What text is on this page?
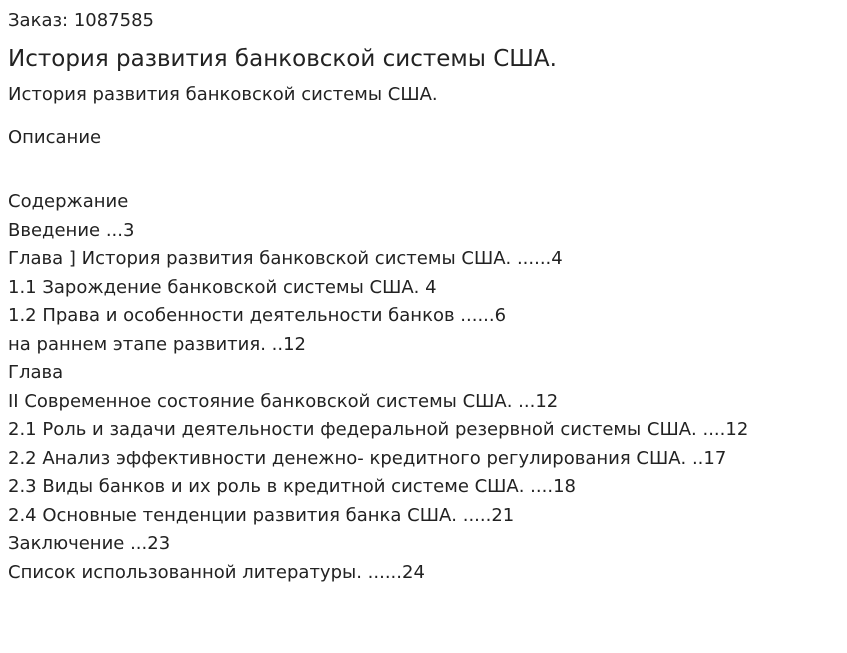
Заказ: 1087585

История развития банковской системы США.

История развития банковской системы США.

Описание
Содержание
Введение ...3
Глава ] История развития банковской системы США. ......4
1.1 Зарождение банковской системы США. 4
1.2 Права и особенности деятельности банков ......6
на раннем этапе развития. ..12
Глава
II Современное состояние банковской системы США. ...12
2.1 Роль и задачи деятельности федеральной резервной системы США. ....12
2.2 Анализ эффективности денежно- кредитного регулирования США. ..17
2.3 Виды банков и их роль в кредитной системе США. ....18
2.4 Основные тенденции развития банка США. .....21
Заключение ...23
Список использованной литературы. ......24
